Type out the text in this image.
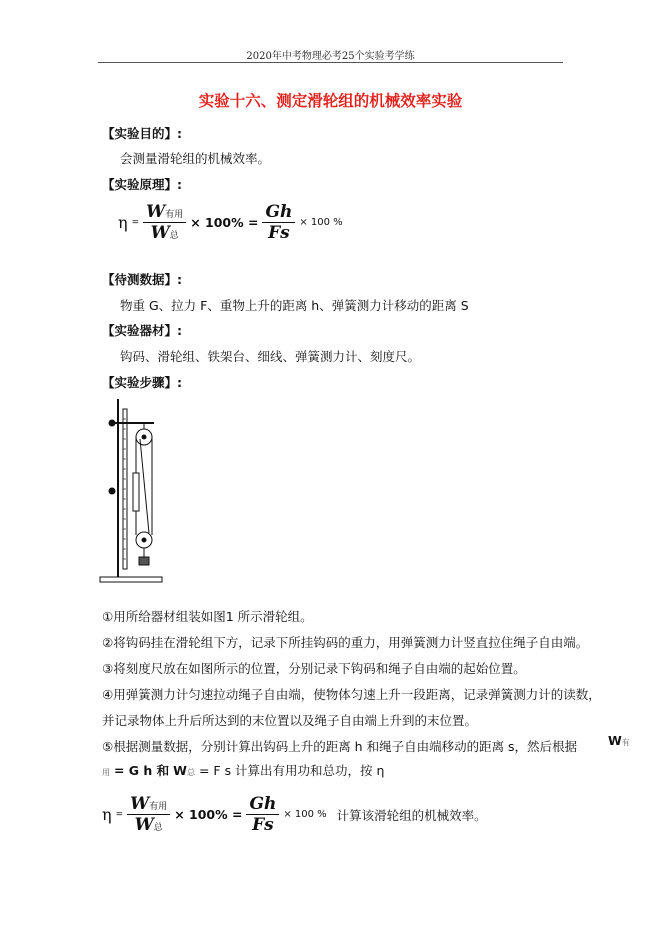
2020年中考物理必考25个实验考学练
实验十六、测定滑轮组的机械效率实验
【实验目的】:
会测量滑轮组的机械效率。
【实验原理】:
$\eta = \frac{\text{W有用}}{\text{W总}} \times 100\% = \frac{Gh}{Fs} \times 100$ %
【待测数据】:
物重 G、拉力 F、重物上升的距离 h、弹簧测力计移动的距离 S
【实验器材】:
钩码、滑轮组、铁架台、细线、弹簧测力计、刻度尺。
【实验步骤】:
①用所给器材组装如图1 所示滑轮组。
②将钩码挂在滑轮组下方，记录下所挂钩码的重力，用弹簧测力计竖直拉住绳子自由端。
③将刻度尺放在如图所示的位置，分别记录下钩码和绳子自由端的起始位置。
④用弹簧测力计匀速拉动绳子自由端，使物体匀速上升一段距离，记录弹簧测力计的读数，
并记录物体上升后所达到的末位置以及绳子自由端上升到的末位置。
⑤根据测量数据，分别计算出钩码上升的距离 h 和绳子自由端移动的距离 s，然后根据
用 = G h 和 W总 = F s 计算出有用功和总功，按 η
W有
$\eta = \frac{\text{W有用}}{\text{W总}} \times 100\% = \frac{Gh}{Fs} \times 100$ % 计算该滑轮组的机械效率。
